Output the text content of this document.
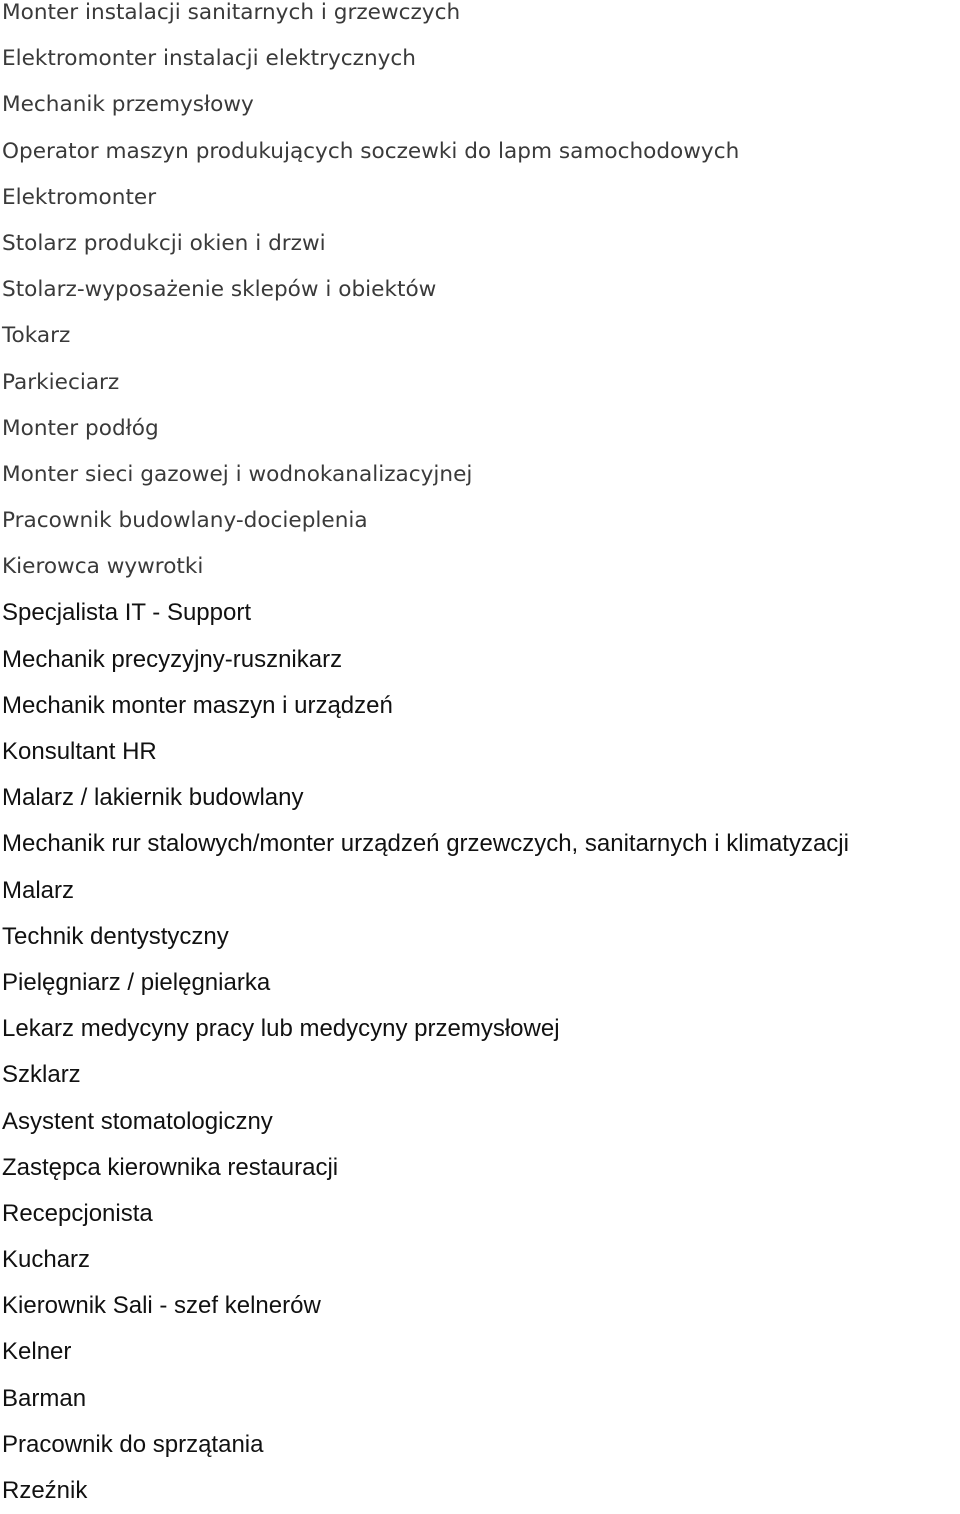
Monter instalacji sanitarnych i grzewczych
Elektromonter instalacji elektrycznych
Mechanik przemysłowy
Operator maszyn produkujących soczewki do lapm samochodowych
Elektromonter
Stolarz produkcji okien i drzwi
Stolarz-wyposażenie sklepów i obiektów
Tokarz
Parkieciarz
Monter podłóg
Monter sieci gazowej i wodnokanalizacyjnej
Pracownik budowlany-docieplenia
Kierowca wywrotki
Specjalista IT - Support
Mechanik precyzyjny-rusznikarz
Mechanik monter maszyn i urządzeń
Konsultant HR
Malarz / lakiernik budowlany
Mechanik rur stalowych/monter urządzeń grzewczych, sanitarnych i klimatyzacji
Malarz
Technik dentystyczny
Pielęgniarz / pielęgniarka
Lekarz medycyny pracy lub medycyny przemysłowej
Szklarz
Asystent stomatologiczny
Zastępca kierownika restauracji
Recepcjonista
Kucharz
Kierownik Sali - szef kelnerów
Kelner
Barman
Pracownik do sprzątania
Rzeźnik
